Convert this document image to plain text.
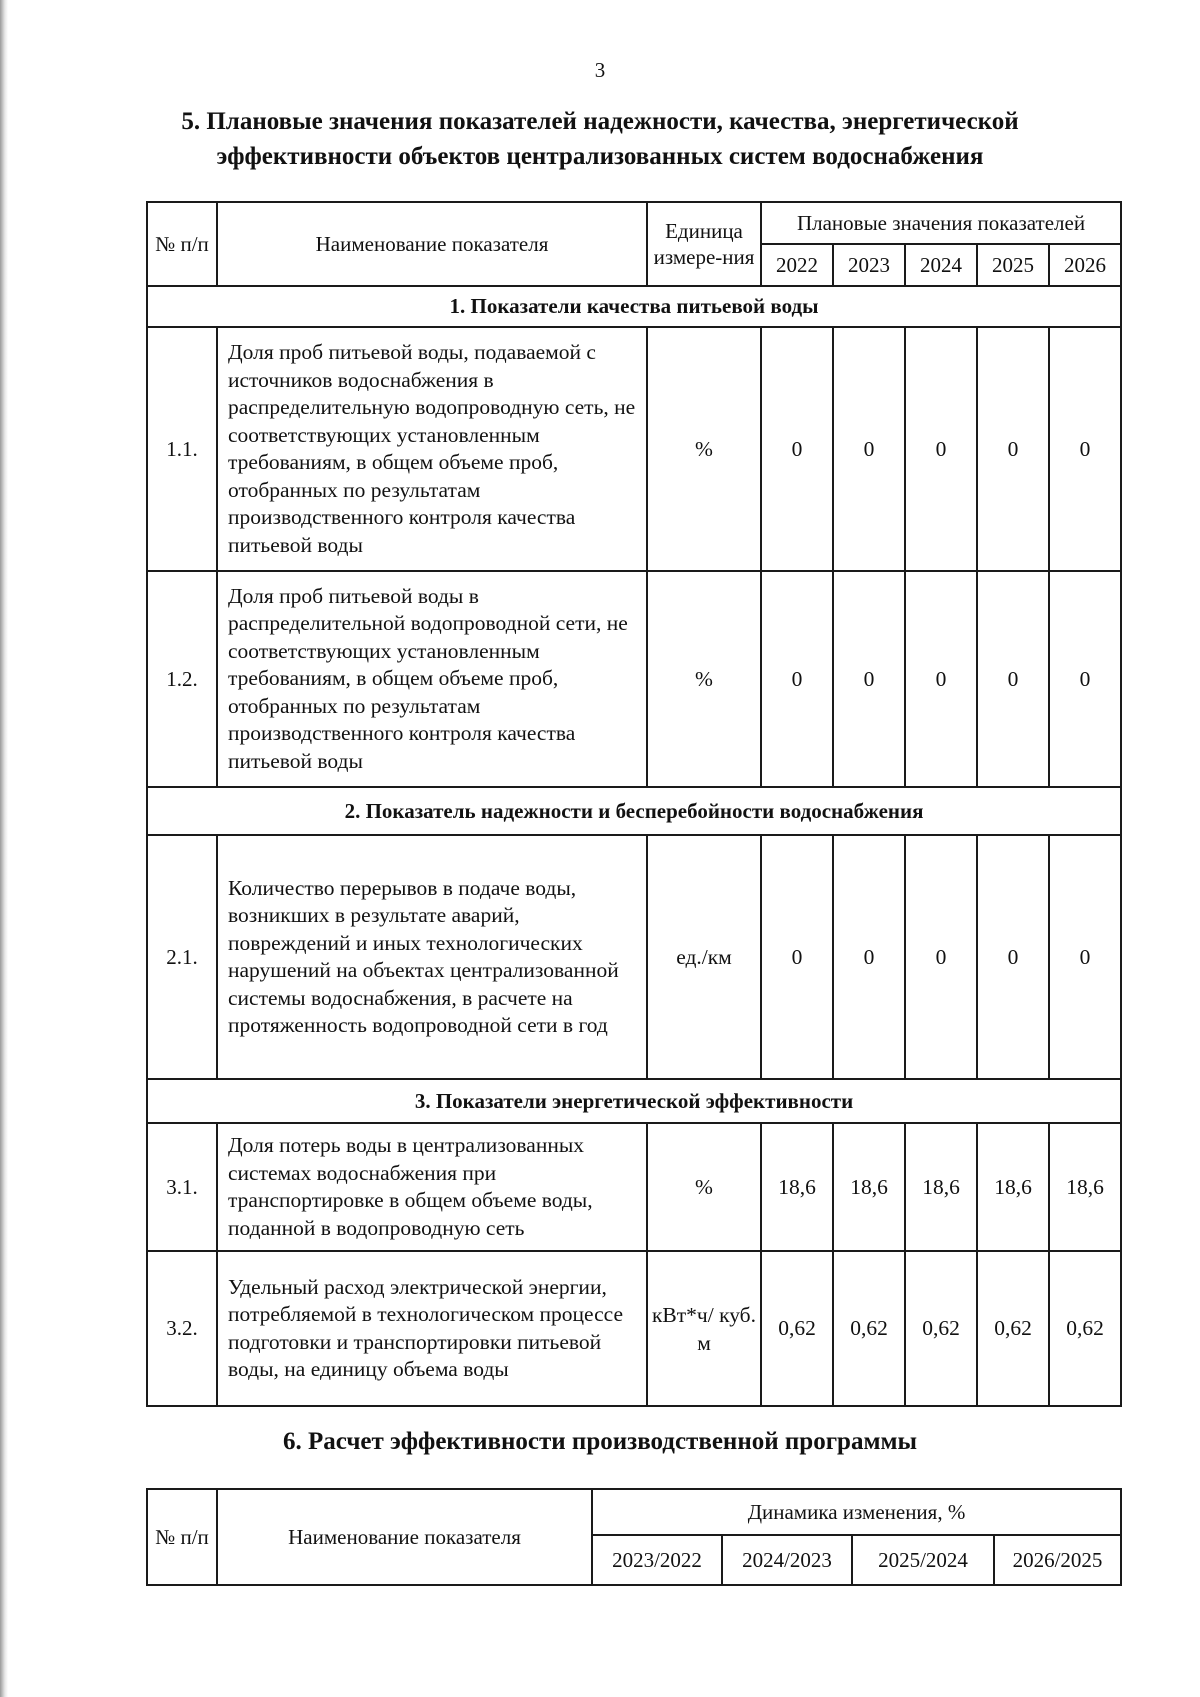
3
5. Плановые значения показателей надежности, качества, энергетической
эффективности объектов централизованных систем водоснабжения
№ п/п	Наименование показателя	Единица измере-ния	Плановые значения показателей				
			2022	2023	2024	2025	2026
1. Показатели качества питьевой воды							
1.1.	Доля проб питьевой воды, подаваемой с источников водоснабжения в распределительную водопроводную сеть, не соответствующих установленным требованиям, в общем объеме проб, отобранных по результатам производственного контроля качества питьевой воды	%	0	0	0	0	0
1.2.	Доля проб питьевой воды в распределительной водопроводной сети, не соответствующих установленным требованиям, в общем объеме проб, отобранных по результатам производственного контроля качества питьевой воды	%	0	0	0	0	0
2. Показатель надежности и бесперебойности водоснабжения							
2.1.	Количество перерывов в подаче воды, возникших в результате аварий, повреждений и иных технологических нарушений на объектах централизованной системы водоснабжения, в расчете на протяженность водопроводной сети в год	ед./км	0	0	0	0	0
3. Показатели энергетической эффективности							
3.1.	Доля потерь воды в централизованных системах водоснабжения при транспортировке в общем объеме воды, поданной в водопроводную сеть	%	18,6	18,6	18,6	18,6	18,6
3.2.	Удельный расход электрической энергии, потребляемой в технологическом процессе подготовки и транспортировки питьевой воды, на единицу объема воды	кВт*ч/ куб. м	0,62	0,62	0,62	0,62	0,62
6. Расчет эффективности производственной программы
№ п/п	Наименование показателя	Динамика изменения, %			
		2023/2022	2024/2023	2025/2024	2026/2025
